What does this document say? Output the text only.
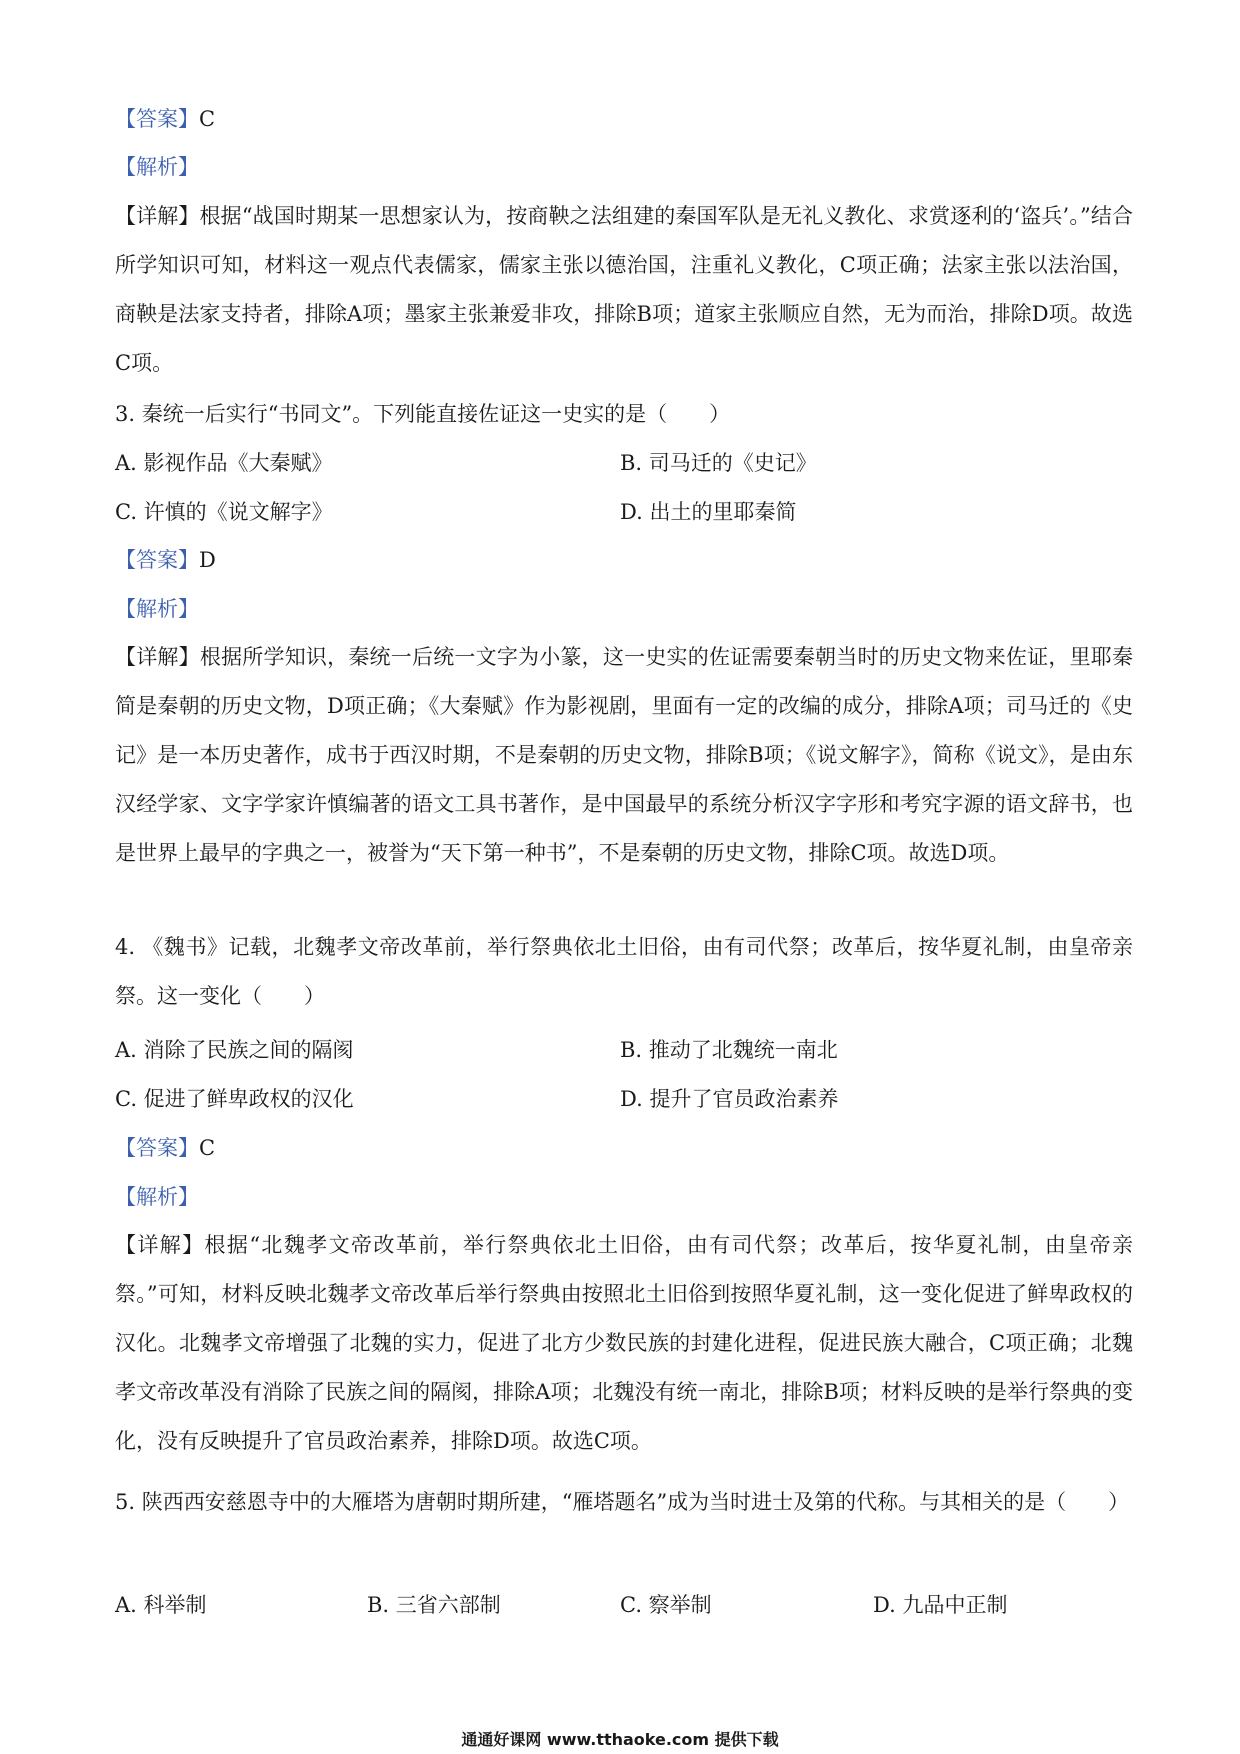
【答案】C
【解析】
【详解】根据“战国时期某一思想家认为，按商鞅之法组建的秦国军队是无礼义教化、求赏逐利的‘盗兵’。”结合所学知识可知，材料这一观点代表儒家，儒家主张以德治国，注重礼义教化，C项正确；法家主张以法治国，商鞅是法家支持者，排除A项；墨家主张兼爱非攻，排除B项；道家主张顺应自然，无为而治，排除D项。故选C项。
3. 秦统一后实行“书同文”。下列能直接佐证这一史实的是（　　）
A. 影视作品《大秦赋》	B. 司马迁的《史记》
C. 许慎的《说文解字》	D. 出土的里耶秦简
【答案】D
【解析】
【详解】根据所学知识，秦统一后统一文字为小篆，这一史实的佐证需要秦朝当时的历史文物来佐证，里耶秦简是秦朝的历史文物，D项正确；《大秦赋》作为影视剧，里面有一定的改编的成分，排除A项；司马迁的《史记》是一本历史著作，成书于西汉时期，不是秦朝的历史文物，排除B项；《说文解字》，简称《说文》，是由东汉经学家、文字学家许慎编著的语文工具书著作，是中国最早的系统分析汉字字形和考究字源的语文辞书，也是世界上最早的字典之一，被誉为“天下第一种书”，不是秦朝的历史文物，排除C项。故选D项。
4. 《魏书》记载，北魏孝文帝改革前，举行祭典依北土旧俗，由有司代祭；改革后，按华夏礼制，由皇帝亲祭。这一变化（　　）
A. 消除了民族之间的隔阂	B. 推动了北魏统一南北
C. 促进了鲜卑政权的汉化	D. 提升了官员政治素养
【答案】C
【解析】
【详解】根据“北魏孝文帝改革前，举行祭典依北土旧俗，由有司代祭；改革后，按华夏礼制，由皇帝亲祭。”可知，材料反映北魏孝文帝改革后举行祭典由按照北土旧俗到按照华夏礼制，这一变化促进了鲜卑政权的汉化。北魏孝文帝增强了北魏的实力，促进了北方少数民族的封建化进程，促进民族大融合，C项正确；北魏孝文帝改革没有消除了民族之间的隔阂，排除A项；北魏没有统一南北，排除B项；材料反映的是举行祭典的变化，没有反映提升了官员政治素养，排除D项。故选C项。
5. 陕西西安慈恩寺中的大雁塔为唐朝时期所建，“雁塔题名”成为当时进士及第的代称。与其相关的是（　　）
A. 科举制	B. 三省六部制	C. 察举制	D. 九品中正制
通通好课网 www.tthaoke.com 提供下载
